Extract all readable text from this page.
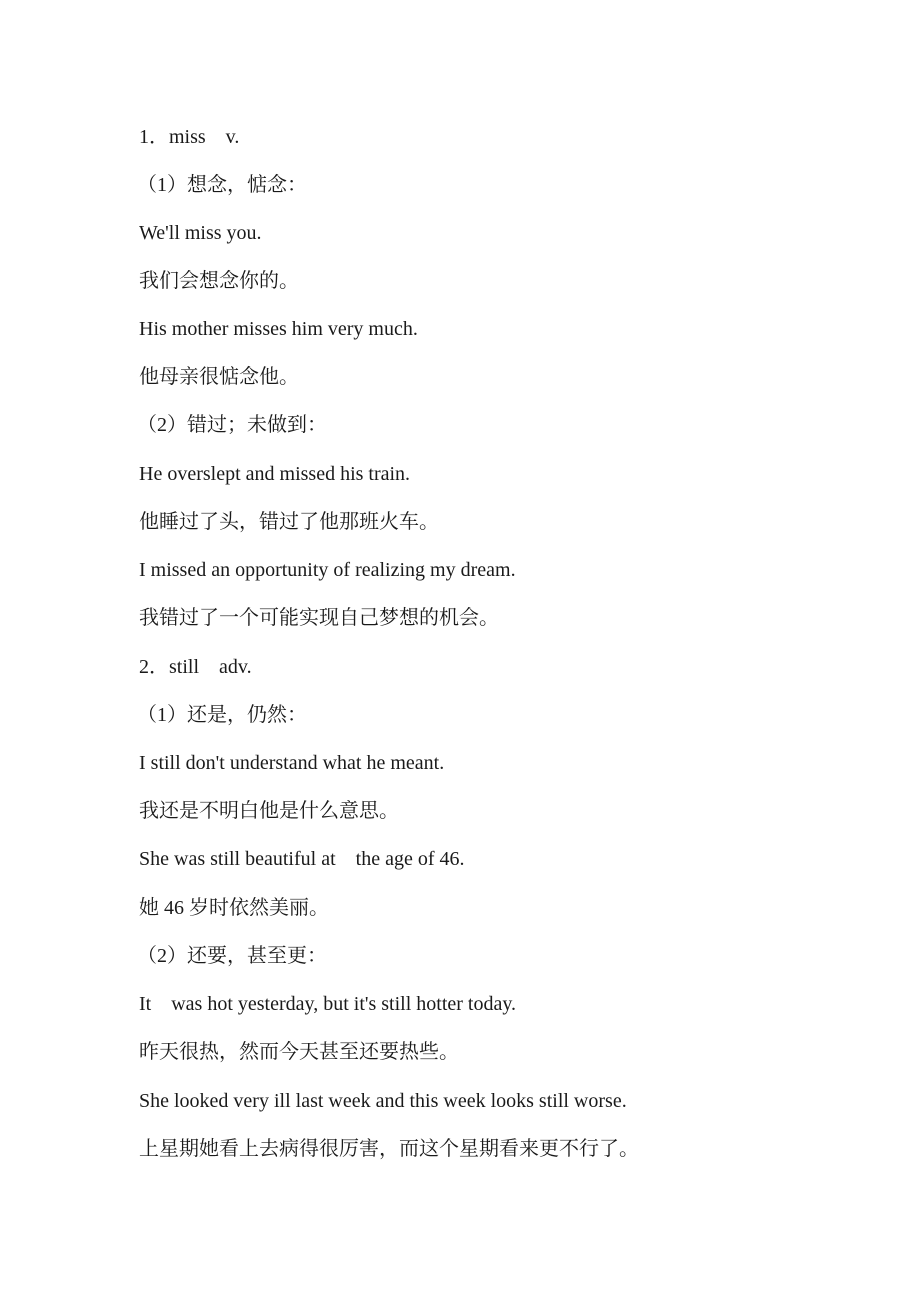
1．miss    v.
（1）想念，惦念：
We'll miss you.
我们会想念你的。
His mother misses him very much.
他母亲很惦念他。
（2）错过；未做到：
He overslept and missed his train.
他睡过了头，错过了他那班火车。
I missed an opportunity of realizing my dream.
我错过了一个可能实现自己梦想的机会。
2．still    adv.
（1）还是，仍然：
I still don't understand what he meant.
我还是不明白他是什么意思。
She was still beautiful at    the age of 46.
她 46 岁时依然美丽。
（2）还要，甚至更：
It    was hot yesterday, but it's still hotter today.
昨天很热，然而今天甚至还要热些。
She looked very ill last week and this week looks still worse.
上星期她看上去病得很厉害，而这个星期看来更不行了。
